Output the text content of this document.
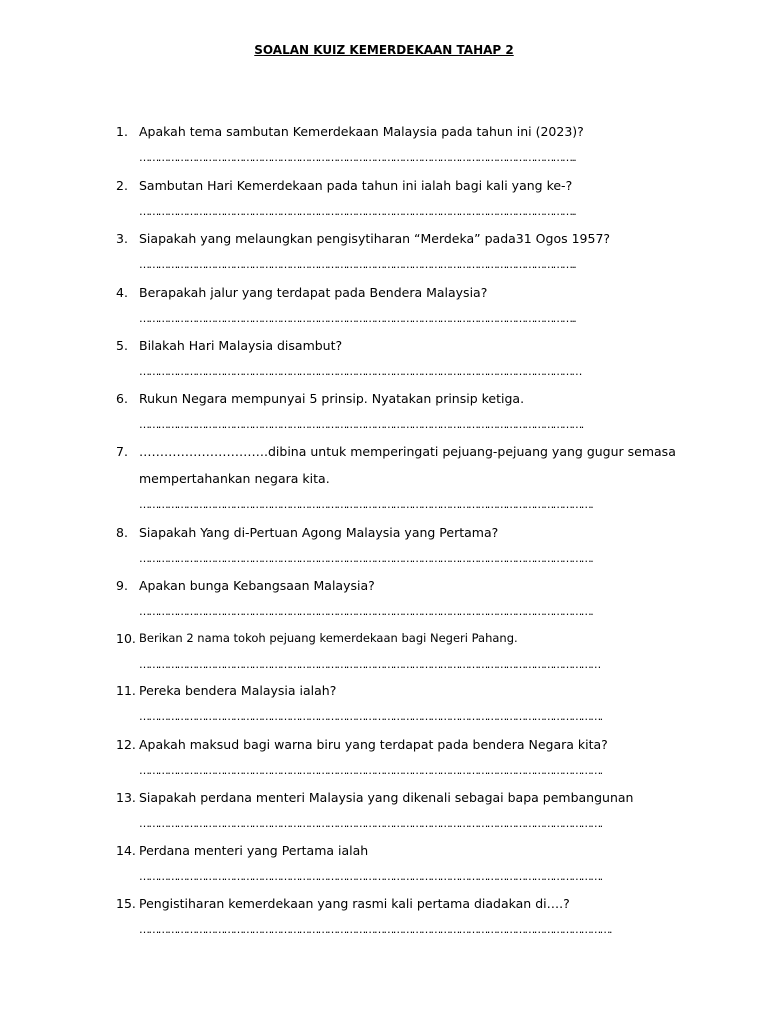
SOALAN KUIZ KEMERDEKAAN TAHAP 2
1. Apakah tema sambutan Kemerdekaan Malaysia pada tahun ini (2023)?
…………………………………………………………………………………………………………………………..
2. Sambutan Hari Kemerdekaan pada tahun ini ialah bagi kali yang ke-?
…………………………………………………………………………………………………………………………..
3. Siapakah yang melaungkan pengisytiharan “Merdeka” pada31 Ogos 1957?
…………………………………………………………………………………………………………………………..
4. Berapakah jalur yang terdapat pada Bendera Malaysia?
…………………………………………………………………………………………………………………………..
5. Bilakah Hari Malaysia disambut?
……………………………………………………………………………………………………………………………
6. Rukun Negara mempunyai 5 prinsip. Nyatakan prinsip ketiga.
…………………………………………………………………………………………………………………………….
7. ………………………….dibina untuk memperingati pejuang-pejuang yang gugur semasa
mempertahankan negara kita.
……………………………………………………………………………………………………………………………….
8. Siapakah Yang di-Pertuan Agong Malaysia yang Pertama?
……………………………………………………………………………………………………………………………….
9. Apakan bunga Kebangsaan Malaysia?
……………………………………………………………………………………………………………………………….
10. Berikan 2 nama tokoh pejuang kemerdekaan bagi Negeri Pahang.
…………………………………………………………………………………………………………………………………
11. Pereka bendera Malaysia ialah?
………………………………………………………………………………………………………………………………….
12. Apakah maksud bagi warna biru yang terdapat pada bendera Negara kita?
………………………………………………………………………………………………………………………………….
13. Siapakah perdana menteri Malaysia yang dikenali sebagai bapa pembangunan
………………………………………………………………………………………………………………………………….
14. Perdana menteri yang Pertama ialah
………………………………………………………………………………………………………………………………….
15. Pengistiharan kemerdekaan yang rasmi kali pertama diadakan di….?
…………………………………………………………………………………………………………………………………….
